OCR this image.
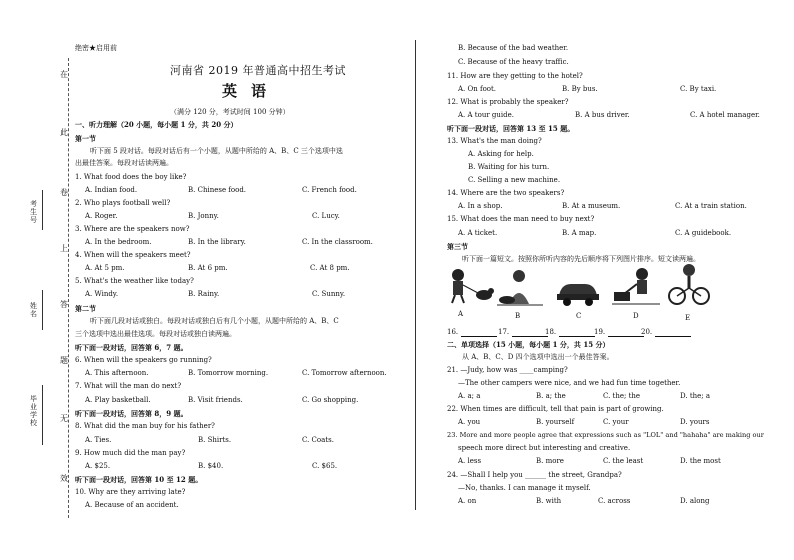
绝密★启用前
在
此
卷
上
答
题
无
效
考生号
姓名
毕业学校
河南省 2019 年普通高中招生考试
英语
（满分 120 分，考试时间 100 分钟）
一、听力理解（20 小题，每小题 1 分，共 20 分）
第一节
听下面 5 段对话。每段对话后有一个小题，从题中所给的 A、B、C 三个选项中选
出最佳答案。每段对话读两遍。
1. What food does the boy like?
A. Indian food.	B. Chinese food.	C. French food.
2. Who plays football well?
A. Roger.	B. Jonny.	C. Lucy.
3. Where are the speakers now?
A. In the bedroom.	B. In the library.	C. In the classroom.
4. When will the speakers meet?
A. At 5 pm.	B. At 6 pm.	C. At 8 pm.
5. What's the weather like today?
A. Windy.	B. Rainy.	C. Sunny.
第二节
听下面几段对话或独白。每段对话或独白后有几个小题，从题中所给的 A、B、C
三个选项中选出最佳选项。每段对话或独白读两遍。
听下面一段对话，回答第 6，7 题。
6. When will the speakers go running?
A. This afternoon.	B. Tomorrow morning.	C. Tomorrow afternoon.
7. What will the man do next?
A. Play basketball.	B. Visit friends.	C. Go shopping.
听下面一段对话，回答第 8，9 题。
8. What did the man buy for his father?
A. Ties.	B. Shirts.	C. Coats.
9. How much did the man pay?
A. $25.	B. $40.	C. $65.
听下面一段对话，回答第 10 至 12 题。
10. Why are they arriving late?
A. Because of an accident.
B. Because of the bad weather.
C. Because of the heavy traffic.
11. How are they getting to the hotel?
A. On foot.	B. By bus.	C. By taxi.
12. What is probably the speaker?
A. A tour guide.	B. A bus driver.	C. A hotel manager.
听下面一段对话，回答第 13 至 15 题。
13. What's the man doing?
A. Asking for help.
B. Waiting for his turn.
C. Selling a new machine.
14. Where are the two speakers?
A. In a shop.	B. At a museum.	C. At a train station.
15. What does the man need to buy next?
A. A ticket.	B. A map.	C. A guidebook.
第三节
听下面一篇短文。按照你所听内容的先后顺序将下列图片排序。短文读两遍。
A	B	C	D	E
16.	17.	18.	19.	20.
二、单项选择（15 小题，每小题 1 分，共 15 分）
从 A、B、C、D 四个选项中选出一个最佳答案。
21. —Judy, how was ____camping?
—The other campers were nice, and we had fun time together.
A. a; a	B. a; the	C. the; the	D. the; a
22. When times are difficult, tell that pain is part of growing.
A. you	B. yourself	C. your	D. yours
23. More and more people agree that expressions such as "LOL" and "hahaha" are making our
speech more direct but interesting and creative.
A. less	B. more	C. the least	D. the most
24. —Shall I help you ______ the street, Grandpa?
—No, thanks. I can manage it myself.
A. on	B. with	C. across	D. along
